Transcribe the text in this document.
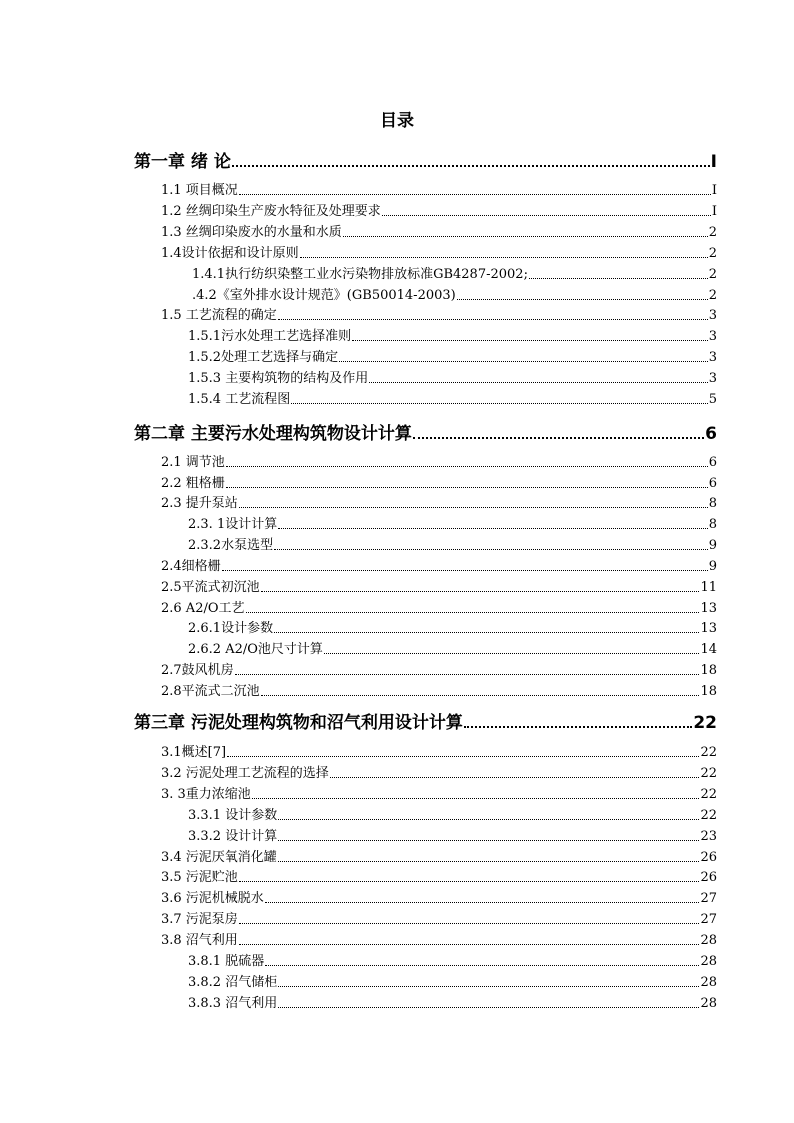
目录
第一章 绪 论	I
1.1 项目概况	I
1.2 丝绸印染生产废水特征及处理要求	I
1.3 丝绸印染废水的水量和水质	2
1.4设计依据和设计原则	2
1.4.1执行纺织染整工业水污染物排放标准GB4287-2002;	2
.4.2《室外排水设计规范》(GB50014-2003)	2
1.5 工艺流程的确定	3
1.5.1污水处理工艺选择准则	3
1.5.2处理工艺选择与确定	3
1.5.3 主要构筑物的结构及作用	3
1.5.4 工艺流程图	5
第二章 主要污水处理构筑物设计计算	6
2.1 调节池	6
2.2 粗格栅	6
2.3 提升泵站	8
2.3. 1设计计算	8
2.3.2水泵选型	9
2.4细格栅	9
2.5平流式初沉池	11
2.6 A2/O工艺	13
2.6.1设计参数	13
2.6.2 A2/O池尺寸计算	14
2.7鼓风机房	18
2.8平流式二沉池	18
第三章 污泥处理构筑物和沼气利用设计计算	22
3.1概述[7]	22
3.2 污泥处理工艺流程的选择	22
3. 3重力浓缩池	22
3.3.1 设计参数	22
3.3.2 设计计算	23
3.4 污泥厌氧消化罐	26
3.5 污泥贮池	26
3.6 污泥机械脱水	27
3.7 污泥泵房	27
3.8 沼气利用	28
3.8.1 脱硫器	28
3.8.2 沼气储柜	28
3.8.3 沼气利用	28
